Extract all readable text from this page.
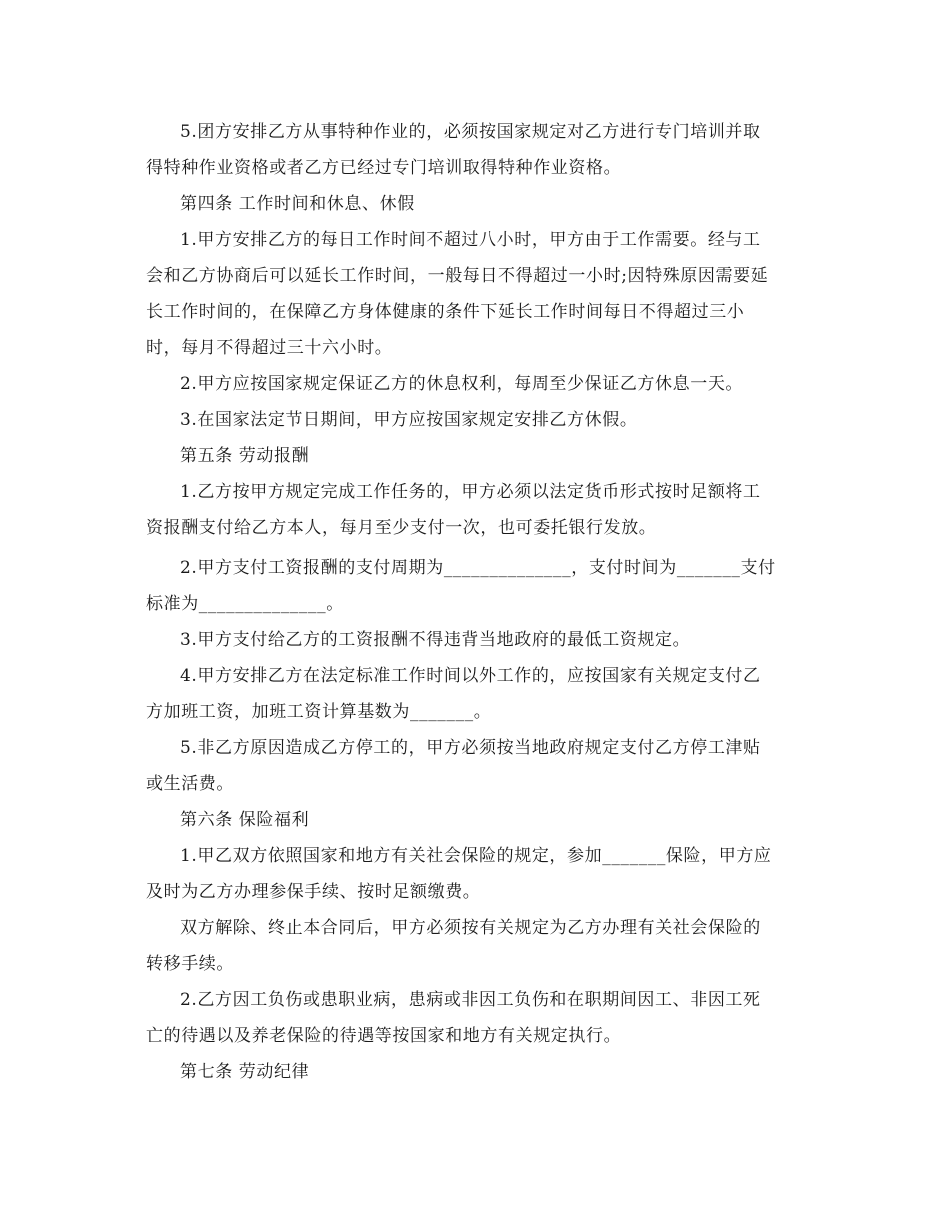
5.团方安排乙方从事特种作业的，必须按国家规定对乙方进行专门培训并取
得特种作业资格或者乙方已经过专门培训取得特种作业资格。
第四条 工作时间和休息、休假
1.甲方安排乙方的每日工作时间不超过八小时，甲方由于工作需要。经与工
会和乙方协商后可以延长工作时间，一般每日不得超过一小时;因特殊原因需要延
长工作时间的，在保障乙方身体健康的条件下延长工作时间每日不得超过三小
时，每月不得超过三十六小时。
2.甲方应按国家规定保证乙方的休息权利，每周至少保证乙方休息一天。
3.在国家法定节日期间，甲方应按国家规定安排乙方休假。
第五条 劳动报酬
1.乙方按甲方规定完成工作任务的，甲方必须以法定货币形式按时足额将工
资报酬支付给乙方本人，每月至少支付一次，也可委托银行发放。
2.甲方支付工资报酬的支付周期为______________，支付时间为_______支付
标准为______________。
3.甲方支付给乙方的工资报酬不得违背当地政府的最低工资规定。
4.甲方安排乙方在法定标准工作时间以外工作的，应按国家有关规定支付乙
方加班工资，加班工资计算基数为_______。
5.非乙方原因造成乙方停工的，甲方必须按当地政府规定支付乙方停工津贴
或生活费。
第六条 保险福利
1.甲乙双方依照国家和地方有关社会保险的规定，参加_______保险，甲方应
及时为乙方办理参保手续、按时足额缴费。
双方解除、终止本合同后，甲方必须按有关规定为乙方办理有关社会保险的
转移手续。
2.乙方因工负伤或患职业病，患病或非因工负伤和在职期间因工、非因工死
亡的待遇以及养老保险的待遇等按国家和地方有关规定执行。
第七条 劳动纪律
